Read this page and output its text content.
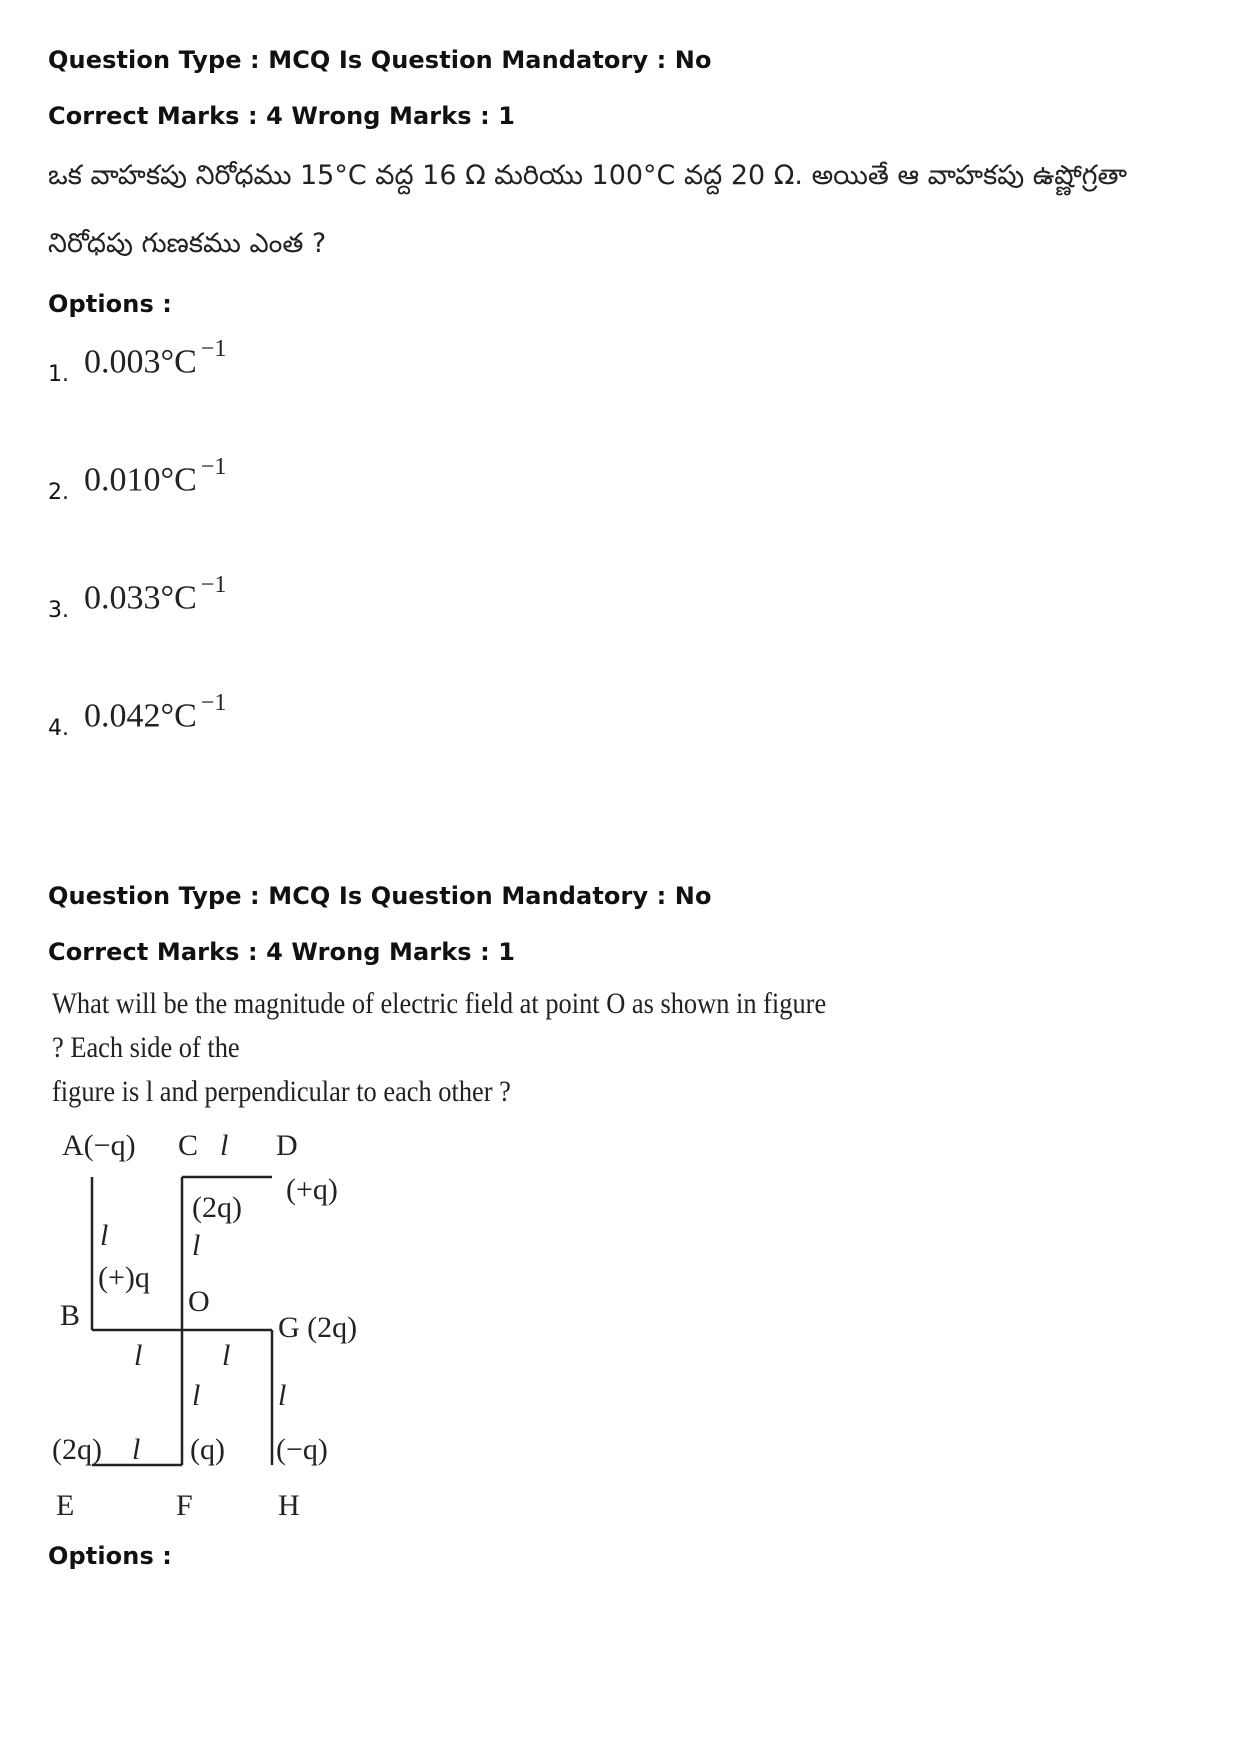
Question Type : MCQ Is Question Mandatory : No
Correct Marks : 4 Wrong Marks : 1
ఒక వాహకపు నిరోధము 15°C వద్ద 16 Ω మరియు 100°C వద్ద 20 Ω. అయితే ఆ వాహకపు ఉష్ణోగ్రతా
నిరోధపు గుణకము ఎంత ?
Options :
1. 0.003°C $^{-1}$
2. 0.010°C $^{-1}$
3. 0.033°C $^{-1}$
4. 0.042°C $^{-1}$
Question Type : MCQ Is Question Mandatory : No
Correct Marks : 4 Wrong Marks : 1
What will be the magnitude of electric field at point O as shown in figure ? Each side of the
figure is l and perpendicular to each other ?
A(−q) C l D
(+q)
(2q)
l
l
(+)q
O
B	G (2q)
l	l
l	l
(2q) l (q) (−q)
E	F	H
Options :
